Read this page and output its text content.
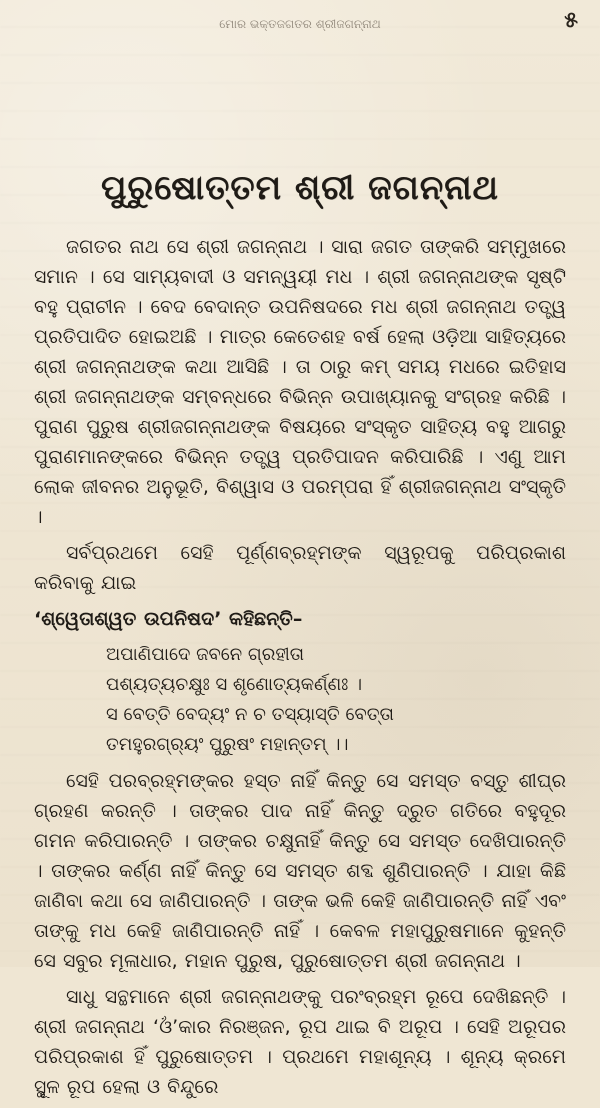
ମୋର ଭକ୍ତଜଗତର ଶ୍ରୀଜଗନ୍ନାଥ	୫
ପୁରୁଷୋତ୍ତମ ଶ୍ରୀ ଜଗନ୍ନାଥ

ଜଗତର ନାଥ ସେ ଶ୍ରୀ ଜଗନ୍ନାଥ । ସାରା ଜଗତ ତାଙ୍କରି ସମ୍ମୁଖରେ ସମାନ । ସେ ସାମ୍ୟବାଦୀ ଓ ସମନ୍ୱୟୀ ମଧ । ଶ୍ରୀ ଜଗନ୍ନାଥଙ୍କ ସୃଷ୍ଟି ବହୁ ପ୍ରାଚୀନ । ବେଦ ବେଦାନ୍ତ ଉପନିଷଦରେ ମଧ ଶ୍ରୀ ଜଗନ୍ନାଥ ତତ୍ତ୍ୱ ପ୍ରତିପାଦିତ ହୋଇଅଛି । ମାତ୍ର କେତେଶହ ବର୍ଷ ହେଲା ଓଡ଼ିଆ ସାହିତ୍ୟରେ ଶ୍ରୀ ଜଗନ୍ନାଥଙ୍କ କଥା ଆସିଛି । ତା ଠାରୁ କମ୍ ସମୟ ମଧରେ ଇତିହାସ ଶ୍ରୀ ଜଗନ୍ନାଥଙ୍କ ସମ୍ବନ୍ଧରେ ବିଭିନ୍ନ ଉପାଖ୍ୟାନକୁ ସଂଗ୍ରହ କରିଛି । ପୁରାଣ ପୁରୁଷ ଶ୍ରୀଜଗନ୍ନାଥଙ୍କ ବିଷୟରେ ସଂସ୍କୃତ ସାହିତ୍ୟ ବହୁ ଆଗରୁ ପୁରାଣମାନଙ୍କରେ ବିଭିନ୍ନ ତତ୍ତ୍ୱ ପ୍ରତିପାଦନ କରିପାରିଛି । ଏଣୁ ଆମ ଲୋକ ଜୀବନର ଅନୁଭୂତି, ବିଶ୍ୱାସ ଓ ପରମ୍ପରା ହିଁ ଶ୍ରୀଜଗନ୍ନାଥ ସଂସ୍କୃତି ।

ସର୍ବପ୍ରଥମେ ସେହି ପୂର୍ଣ୍ଣବ୍ରହ୍ମଙ୍କ ସ୍ୱରୂପକୁ ପରିପ୍ରକାଶ କରିବାକୁ ଯାଇ

‘ଶ୍ୱେତାଶ୍ୱତ ଉପନିଷଦ’ କହିଛନ୍ତି–

ଅପାଣିପାଦେ ଜବନେ ଗ୍ରହୀତା
ପଶ୍ୟତ୍ୟଚକ୍ଷୁଃ ସ ଶୃଣୋତ୍ୟକର୍ଣ୍ଣଃ ।
ସ ବେତ୍ତି ବେଦ୍ୟଂ ନ ଚ ତସ୍ୟାସ୍ତି ବେତ୍ତା
ତମହୁରଗ୍ର୍ୟଂ ପୁରୁଷଂ ମହାନ୍ତମ୍ ।।

ସେହି ପରବ୍ରହ୍ମଙ୍କର ହସ୍ତ ନାହିଁ କିନ୍ତୁ ସେ ସମସ୍ତ ବସ୍ତୁ ଶୀଘ୍ର ଗ୍ରହଣ କରନ୍ତି । ତାଙ୍କର ପାଦ ନାହିଁ କିନ୍ତୁ ଦ୍ରୁତ ଗତିରେ ବହୁଦୂର ଗମନ କରିପାରନ୍ତି । ତାଙ୍କର ଚକ୍ଷୁନାହିଁ କିନ୍ତୁ ସେ ସମସ୍ତ ଦେଖିପାରନ୍ତି । ତାଙ୍କର କର୍ଣ୍ଣ ନାହିଁ କିନ୍ତୁ ସେ ସମସ୍ତ ଶବ୍ଦ ଶୁଣିପାରନ୍ତି । ଯାହା କିଛି ଜାଣିବା କଥା ସେ ଜାଣିପାରନ୍ତି । ତାଙ୍କ ଭଳି କେହି ଜାଣିପାରନ୍ତି ନାହିଁ ଏବଂ ତାଙ୍କୁ ମଧ କେହି ଜାଣିପାରନ୍ତି ନାହିଁ । କେବଳ ମହାପୁରୁଷମାନେ କୁହନ୍ତି ସେ ସବୁର ମୂଳାଧାର, ମହାନ ପୁରୁଷ, ପୁରୁଷୋତ୍ତମ ଶ୍ରୀ ଜଗନ୍ନାଥ ।

ସାଧୁ ସନ୍ଥମାନେ ଶ୍ରୀ ଜଗନ୍ନାଥଙ୍କୁ ପରଂବ୍ରହ୍ମ ରୂପେ ଦେଖିଛନ୍ତି । ଶ୍ରୀ ଜଗନ୍ନାଥ ‘ଓଁ’କାର ନିରଞ୍ଜନ, ରୂପ ଥାଇ ବି ଅରୂପ । ସେହି ଅରୂପର ପରିପ୍ରକାଶ ହିଁ ପୁରୁଷୋତ୍ତମ । ପ୍ରଥମେ ମହାଶୂନ୍ୟ । ଶୂନ୍ୟ କ୍ରମେ ସ୍ଥୂଳ ରୂପ ହେଲା ଓ ବିନ୍ଦୁରେ
